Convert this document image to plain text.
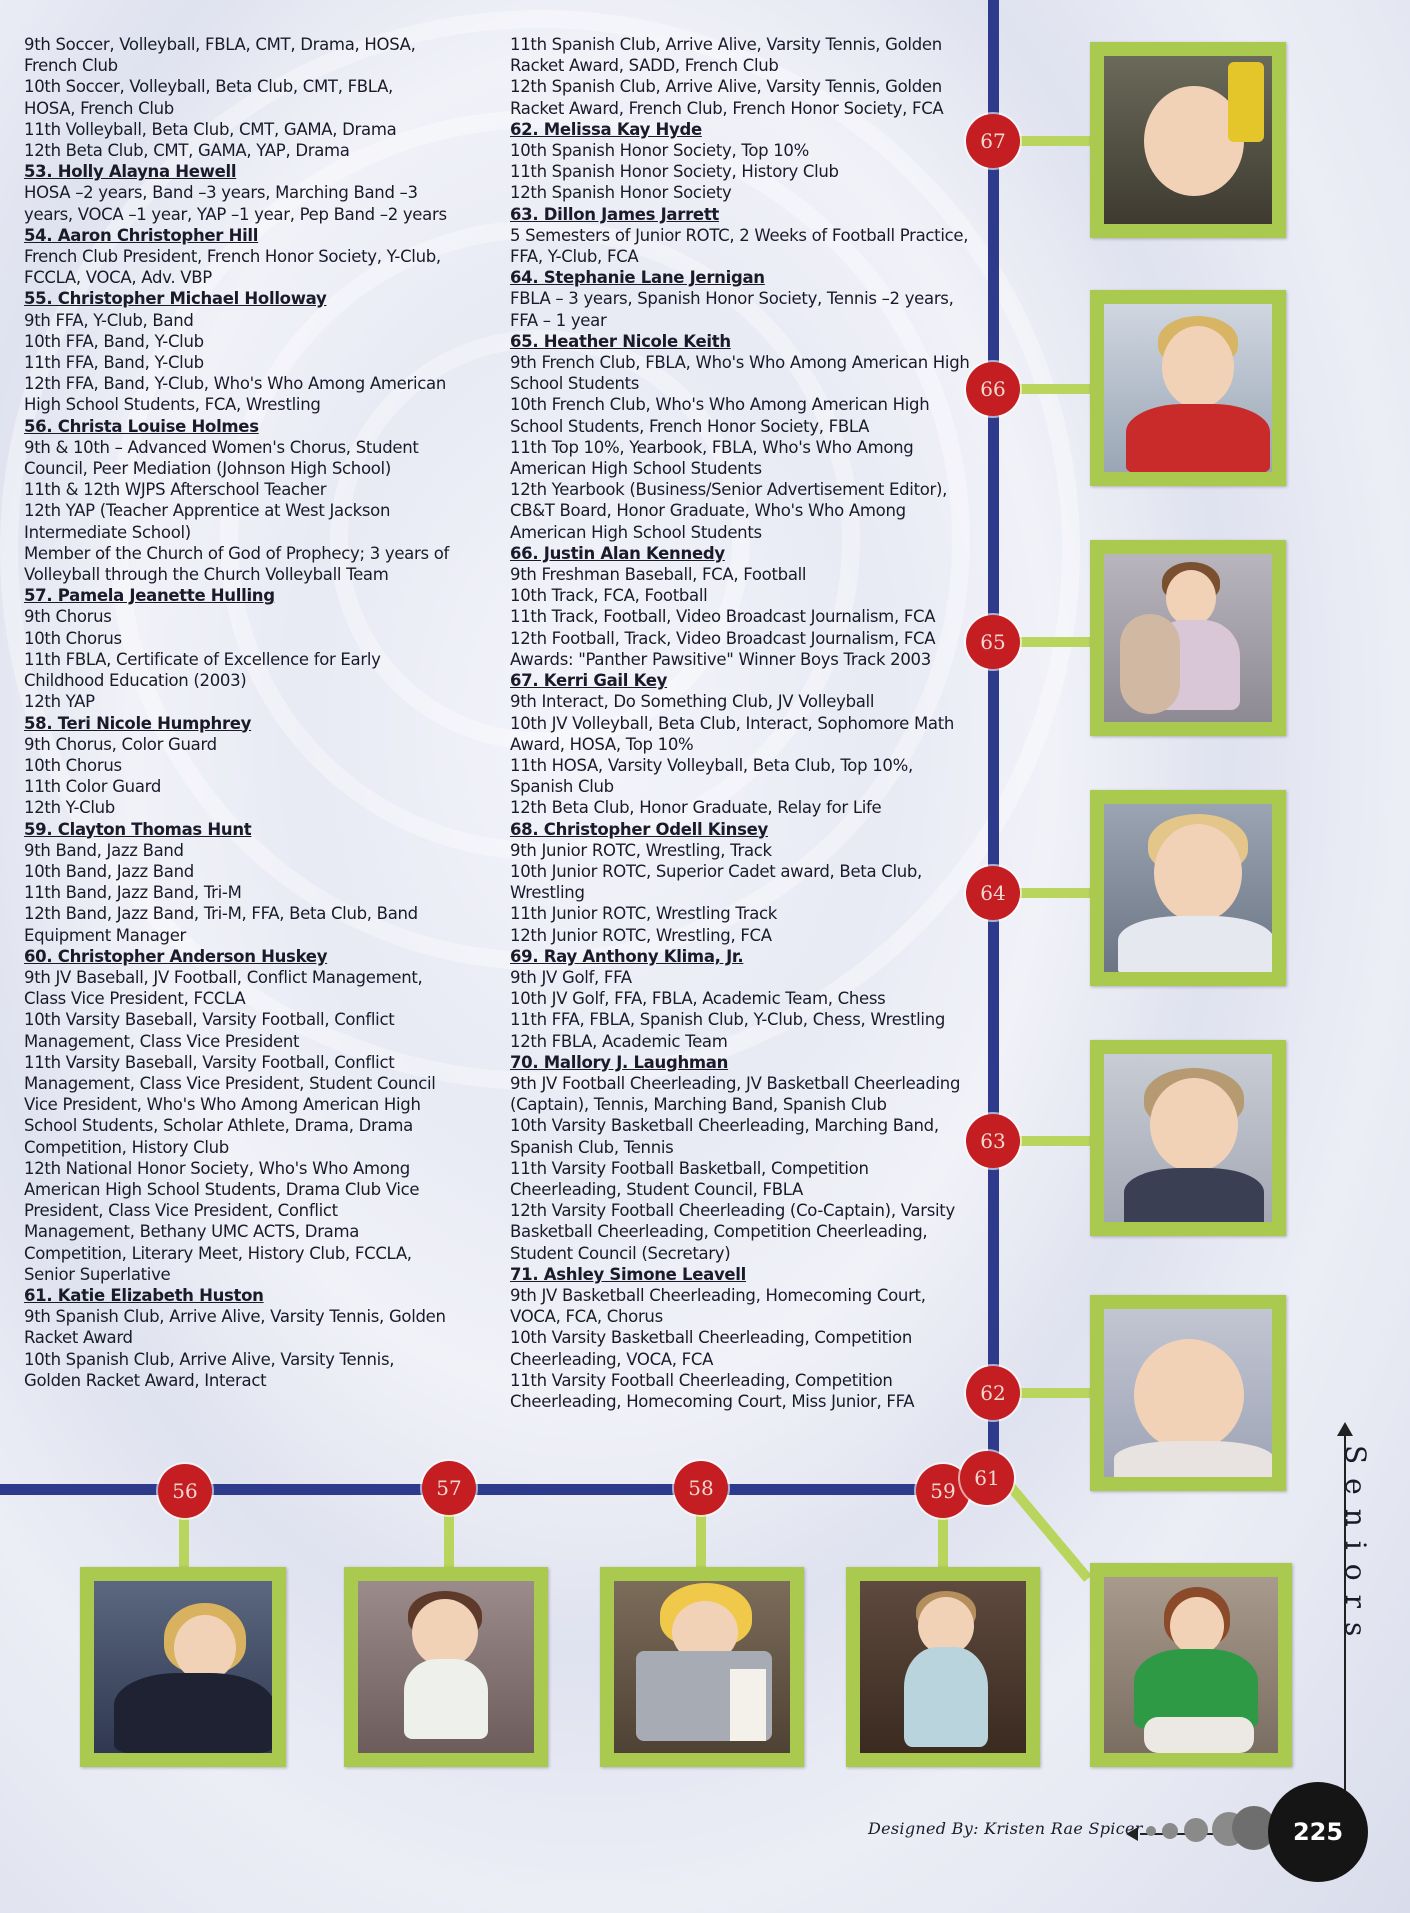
9th Soccer, Volleyball, FBLA, CMT, Drama, HOSA, French Club
10th Soccer, Volleyball, Beta Club, CMT, FBLA, HOSA, French Club
11th Volleyball, Beta Club, CMT, GAMA, Drama
12th Beta Club, CMT, GAMA, YAP, Drama
53. Holly Alayna Hewell
HOSA –2 years, Band –3 years, Marching Band –3 years, VOCA –1 year, YAP –1 year, Pep Band –2 years
54. Aaron Christopher Hill
French Club President, French Honor Society, Y-Club, FCCLA, VOCA, Adv. VBP
55. Christopher Michael Holloway
9th FFA, Y-Club, Band
10th FFA, Band, Y-Club
11th FFA, Band, Y-Club
12th FFA, Band, Y-Club, Who's Who Among American High School Students, FCA, Wrestling
56. Christa Louise Holmes
9th & 10th – Advanced Women's Chorus, Student Council, Peer Mediation (Johnson High School)
11th & 12th WJPS Afterschool Teacher
12th YAP (Teacher Apprentice at West Jackson Intermediate School)
Member of the Church of God of Prophecy; 3 years of Volleyball through the Church Volleyball Team
57. Pamela Jeanette Hulling
9th Chorus
10th Chorus
11th FBLA, Certificate of Excellence for Early Childhood Education (2003)
12th YAP
58. Teri Nicole Humphrey
9th Chorus, Color Guard
10th Chorus
11th Color Guard
12th Y-Club
59. Clayton Thomas Hunt
9th Band, Jazz Band
10th Band, Jazz Band
11th Band, Jazz Band, Tri-M
12th Band, Jazz Band, Tri-M, FFA, Beta Club, Band Equipment Manager
60. Christopher Anderson Huskey
9th JV Baseball, JV Football, Conflict Management, Class Vice President, FCCLA
10th Varsity Baseball, Varsity Football, Conflict Management, Class Vice President
11th Varsity Baseball, Varsity Football, Conflict Management, Class Vice President, Student Council Vice President, Who's Who Among American High School Students, Scholar Athlete, Drama, Drama Competition, History Club
12th National Honor Society, Who's Who Among American High School Students, Drama Club Vice President, Class Vice President, Conflict Management, Bethany UMC ACTS, Drama Competition, Literary Meet, History Club, FCCLA, Senior Superlative
61. Katie Elizabeth Huston
9th Spanish Club, Arrive Alive, Varsity Tennis, Golden Racket Award
10th Spanish Club, Arrive Alive, Varsity Tennis, Golden Racket Award, Interact
11th Spanish Club, Arrive Alive, Varsity Tennis, Golden Racket Award, SADD, French Club
12th Spanish Club, Arrive Alive, Varsity Tennis, Golden Racket Award, French Club, French Honor Society, FCA
62. Melissa Kay Hyde
10th Spanish Honor Society, Top 10%
11th Spanish Honor Society, History Club
12th Spanish Honor Society
63. Dillon James Jarrett
5 Semesters of Junior ROTC, 2 Weeks of Football Practice, FFA, Y-Club, FCA
64. Stephanie Lane Jernigan
FBLA – 3 years, Spanish Honor Society, Tennis –2 years, FFA – 1 year
65. Heather Nicole Keith
9th French Club, FBLA, Who's Who Among American High School Students
10th French Club, Who's Who Among American High School Students, French Honor Society, FBLA
11th Top 10%, Yearbook, FBLA, Who's Who Among American High School Students
12th Yearbook (Business/Senior Advertisement Editor), CB&T Board, Honor Graduate, Who's Who Among American High School Students
66. Justin Alan Kennedy
9th Freshman Baseball, FCA, Football
10th Track, FCA, Football
11th Track, Football, Video Broadcast Journalism, FCA
12th Football, Track, Video Broadcast Journalism, FCA
Awards: "Panther Pawsitive" Winner Boys Track 2003
67. Kerri Gail Key
9th Interact, Do Something Club, JV Volleyball
10th JV Volleyball, Beta Club, Interact, Sophomore Math Award, HOSA, Top 10%
11th HOSA, Varsity Volleyball, Beta Club, Top 10%, Spanish Club
12th Beta Club, Honor Graduate, Relay for Life
68. Christopher Odell Kinsey
9th Junior ROTC, Wrestling, Track
10th Junior ROTC, Superior Cadet award, Beta Club, Wrestling
11th Junior ROTC, Wrestling Track
12th Junior ROTC, Wrestling, FCA
69. Ray Anthony Klima, Jr.
9th JV Golf, FFA
10th JV Golf, FFA, FBLA, Academic Team, Chess
11th FFA, FBLA, Spanish Club, Y-Club, Chess, Wrestling
12th FBLA, Academic Team
70. Mallory J. Laughman
9th JV Football Cheerleading, JV Basketball Cheerleading (Captain), Tennis, Marching Band, Spanish Club
10th Varsity Basketball Cheerleading, Marching Band, Spanish Club, Tennis
11th Varsity Football Basketball, Competition Cheerleading, Student Council, FBLA
12th Varsity Football Cheerleading (Co-Captain), Varsity Basketball Cheerleading, Competition Cheerleading, Student Council (Secretary)
71. Ashley Simone Leavell
9th JV Basketball Cheerleading, Homecoming Court, VOCA, FCA, Chorus
10th Varsity Basketball Cheerleading, Competition Cheerleading, VOCA, FCA
11th Varsity Football Cheerleading, Competition Cheerleading, Homecoming Court, Miss Junior, FFA
67
66
65
64
63
62
56	57	58	59
61	Seniors
Designed By: Kristen Rae Spicer	225
